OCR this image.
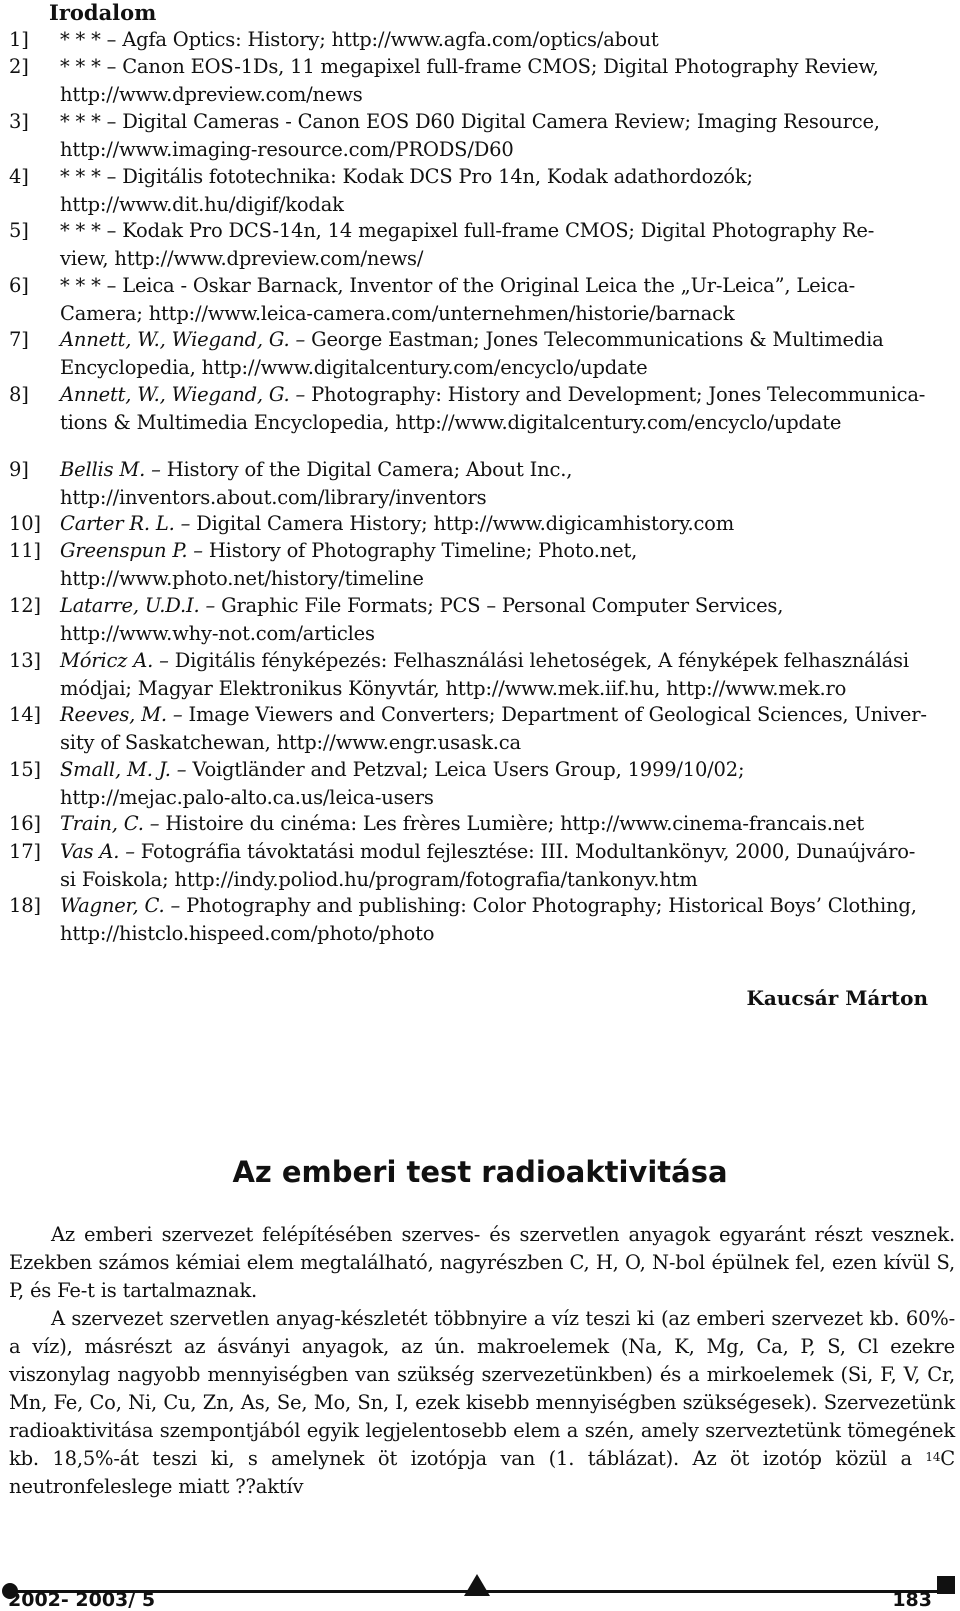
Irodalom
1]	* * * – Agfa Optics: History; http://www.agfa.com/optics/about
2]	* * * – Canon EOS-1Ds, 11 megapixel full-frame CMOS; Digital Photography Review,
http://www.dpreview.com/news
3]	* * * – Digital Cameras - Canon EOS D60 Digital Camera Review; Imaging Resource,
http://www.imaging-resource.com/PRODS/D60
4]	* * * – Digitális fototechnika: Kodak DCS Pro 14n, Kodak adathordozók;
http://www.dit.hu/digif/kodak
5]	* * * – Kodak Pro DCS-14n, 14 megapixel full-frame CMOS; Digital Photography Re-
view, http://www.dpreview.com/news/
6]	* * * – Leica - Oskar Barnack, Inventor of the Original Leica the „Ur-Leica”, Leica-
Camera; http://www.leica-camera.com/unternehmen/historie/barnack
7]	Annett, W., Wiegand, G. – George Eastman; Jones Telecommunications & Multimedia
Encyclopedia, http://www.digitalcentury.com/encyclo/update
8]	Annett, W., Wiegand, G. – Photography: History and Development; Jones Telecommunica-
tions & Multimedia Encyclopedia, http://www.digitalcentury.com/encyclo/update
9]	Bellis M. – History of the Digital Camera; About Inc.,
http://inventors.about.com/library/inventors
10] Carter R. L. – Digital Camera History; http://www.digicamhistory.com
11] Greenspun P. – History of Photography Timeline; Photo.net,
http://www.photo.net/history/timeline
12] Latarre, U.D.I. – Graphic File Formats; PCS – Personal Computer Services,
http://www.why-not.com/articles
13] Móricz A. – Digitális fényképezés: Felhasználási lehetoségek, A fényképek felhasználási
módjai; Magyar Elektronikus Könyvtár, http://www.mek.iif.hu, http://www.mek.ro
14] Reeves, M. – Image Viewers and Converters; Department of Geological Sciences, Univer-
sity of Saskatchewan, http://www.engr.usask.ca
15] Small, M. J. – Voigtländer and Petzval; Leica Users Group, 1999/10/02;
http://mejac.palo-alto.ca.us/leica-users
16] Train, C. – Histoire du cinéma: Les frères Lumière; http://www.cinema-francais.net
17] Vas A. – Fotográfia távoktatási modul fejlesztése: III. Modultankönyv, 2000, Dunaújváro-
si Foiskola; http://indy.poliod.hu/program/fotografia/tankonyv.htm
18] Wagner, C. – Photography and publishing: Color Photography; Historical Boys’ Clothing,
http://histclo.hispeed.com/photo/photo
Kaucsár Márton
Az emberi test radioaktivitása

Az emberi szervezet felépítésében szerves- és szervetlen anyagok egyaránt részt vesznek. Ezekben számos kémiai elem megtalálható, nagyrészben C, H, O, N-bol épülnek fel, ezen kívül S, P, és Fe-t is tartalmaznak.

A szervezet szervetlen anyag-készletét többnyire a víz teszi ki (az emberi szervezet kb. 60%-a víz), másrészt az ásványi anyagok, az ún. makroelemek (Na, K, Mg, Ca, P, S, Cl ezekre viszonylag nagyobb mennyiségben van szükség szervezetünkben) és a mirkoelemek (Si, F, V, Cr, Mn, Fe, Co, Ni, Cu, Zn, As, Se, Mo, Sn, I, ezek kisebb mennyiségben szükségesek). Szervezetünk radioaktivitása szempontjából egyik legjelentosebb elem a szén, amely szerveztetünk tömegének kb. 18,5%-át teszi ki, s amelynek öt izotópja van (1. táblázat). Az öt izotóp közül a $^{14}$C neutronfeleslege miatt ??aktív

2002- 2003/ 5	183
